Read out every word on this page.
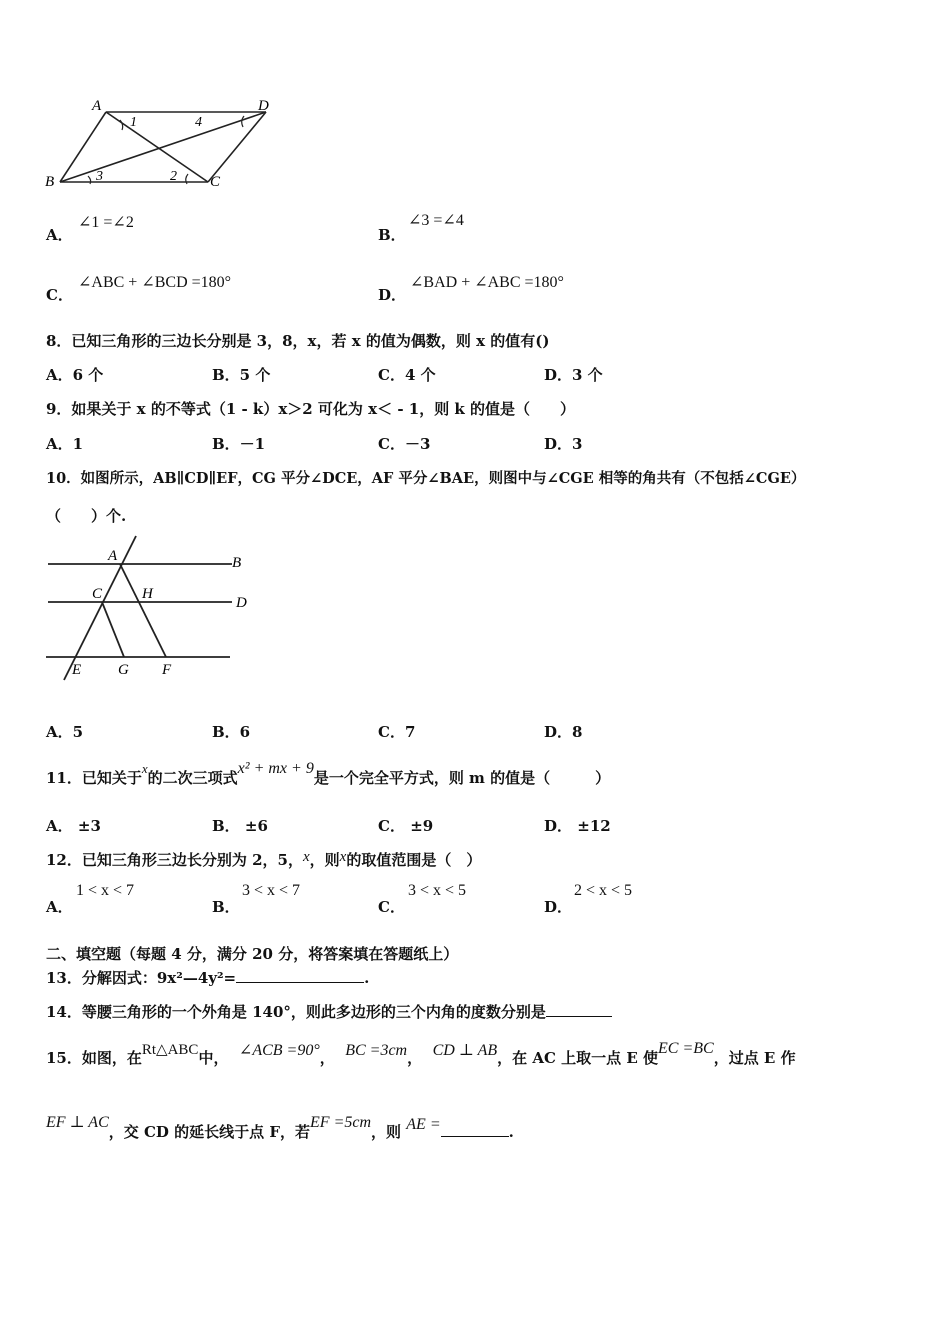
A	D
B	C
1	4
3	2
A．
∠1 =∠2
B．
∠3 =∠4
C．
∠ABC + ∠BCD =180°
D．
∠BAD + ∠ABC =180°
8．已知三角形的三边长分别是 3，8，x，若 x 的值为偶数，则 x 的值有()
A．6 个	B．5 个	C．4 个	D．3 个
9．如果关于 x 的不等式（1 - k）x＞2 可化为 x＜ - 1，则 k 的值是（　　）
A．1	B．－1	C．－3	D．3
10．如图所示，AB∥CD∥EF，CG 平分∠DCE，AF 平分∠BAE，则图中与∠CGE 相等的角共有（不包括∠CGE）
（　　）个.
A	B
C	H
D
E G F
A．5	B．6	C．7	D．8
11．已知关于x的二次三项式x² + mx + 9是一个完全平方式，则 m 的值是（　　　）
A． ±3	B． ±6	C． ±9	D． ±12
12．已知三角形三边长分别为 2，5，x，则x的取值范围是（　）
A．
1 < x < 7
B．
3 < x < 7
C．
3 < x < 5
D．
2 < x < 5
二、填空题（每题 4 分，满分 20 分，将答案填在答题纸上）
13．分解因式：9x²—4y²=	.
14．等腰三角形的一个外角是 140°，则此多边形的三个内角的度数分别是
15．如图，在Rt△ABC中， ∠ACB =90°， BC =3cm， CD ⊥ AB，在 AC 上取一点 E 使EC =BC，过点 E 作
EF ⊥ AC，交 CD 的延长线于点 F，若EF =5cm，则 AE =	.
